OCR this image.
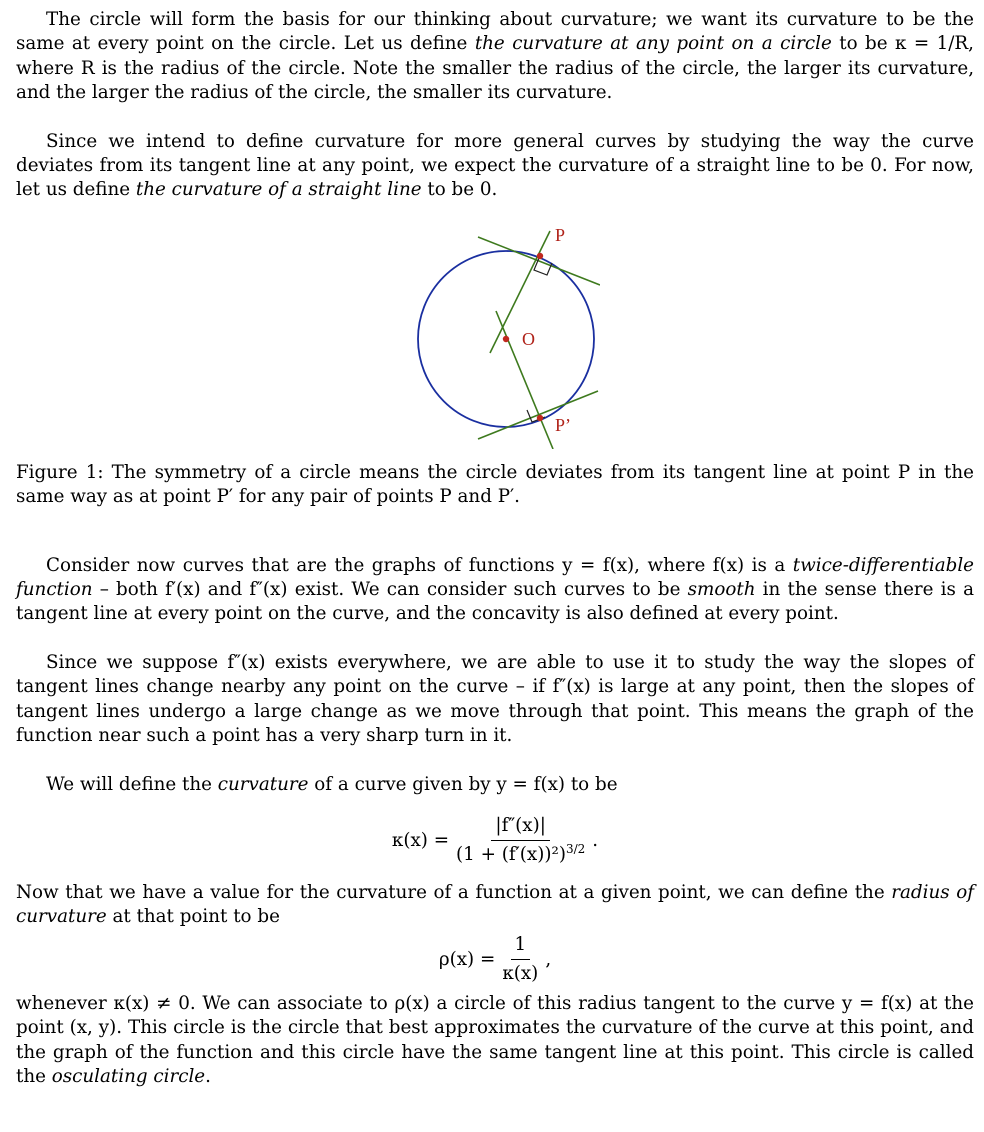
The circle will form the basis for our thinking about curvature; we want its curvature to be the same at every point on the circle. Let us define the curvature at any point on a circle to be κ = 1/R, where R is the radius of the circle. Note the smaller the radius of the circle, the larger its curvature, and the larger the radius of the circle, the smaller its curvature.

Since we intend to define curvature for more general curves by studying the way the curve deviates from its tangent line at any point, we expect the curvature of a straight line to be 0. For now, let us define the curvature of a straight line to be 0.

P
O
P’

Figure 1: The symmetry of a circle means the circle deviates from its tangent line at point P in the same way as at point P′ for any pair of points P and P′.

Consider now curves that are the graphs of functions y = f(x), where f(x) is a twice-differentiable function – both f′(x) and f″(x) exist. We can consider such curves to be smooth in the sense there is a tangent line at every point on the curve, and the concavity is also defined at every point.

Since we suppose f″(x) exists everywhere, we are able to use it to study the way the slopes of tangent lines change nearby any point on the curve – if f″(x) is large at any point, then the slopes of tangent lines undergo a large change as we move through that point. This means the graph of the function near such a point has a very sharp turn in it.

We will define the curvature of a curve given by y = f(x) to be

$\kappa(x) = \frac{|f''(x)|}{(1 + (f'(x))^2)^{3/2}}$ .

Now that we have a value for the curvature of a function at a given point, we can define the radius of curvature at that point to be

$\rho(x) = \frac{1}{\kappa(x)}$ ,

whenever κ(x) ≠ 0. We can associate to ρ(x) a circle of this radius tangent to the curve y = f(x) at the point (x, y). This circle is the circle that best approximates the curvature of the curve at this point, and the graph of the function and this circle have the same tangent line at this point. This circle is called the osculating circle.
